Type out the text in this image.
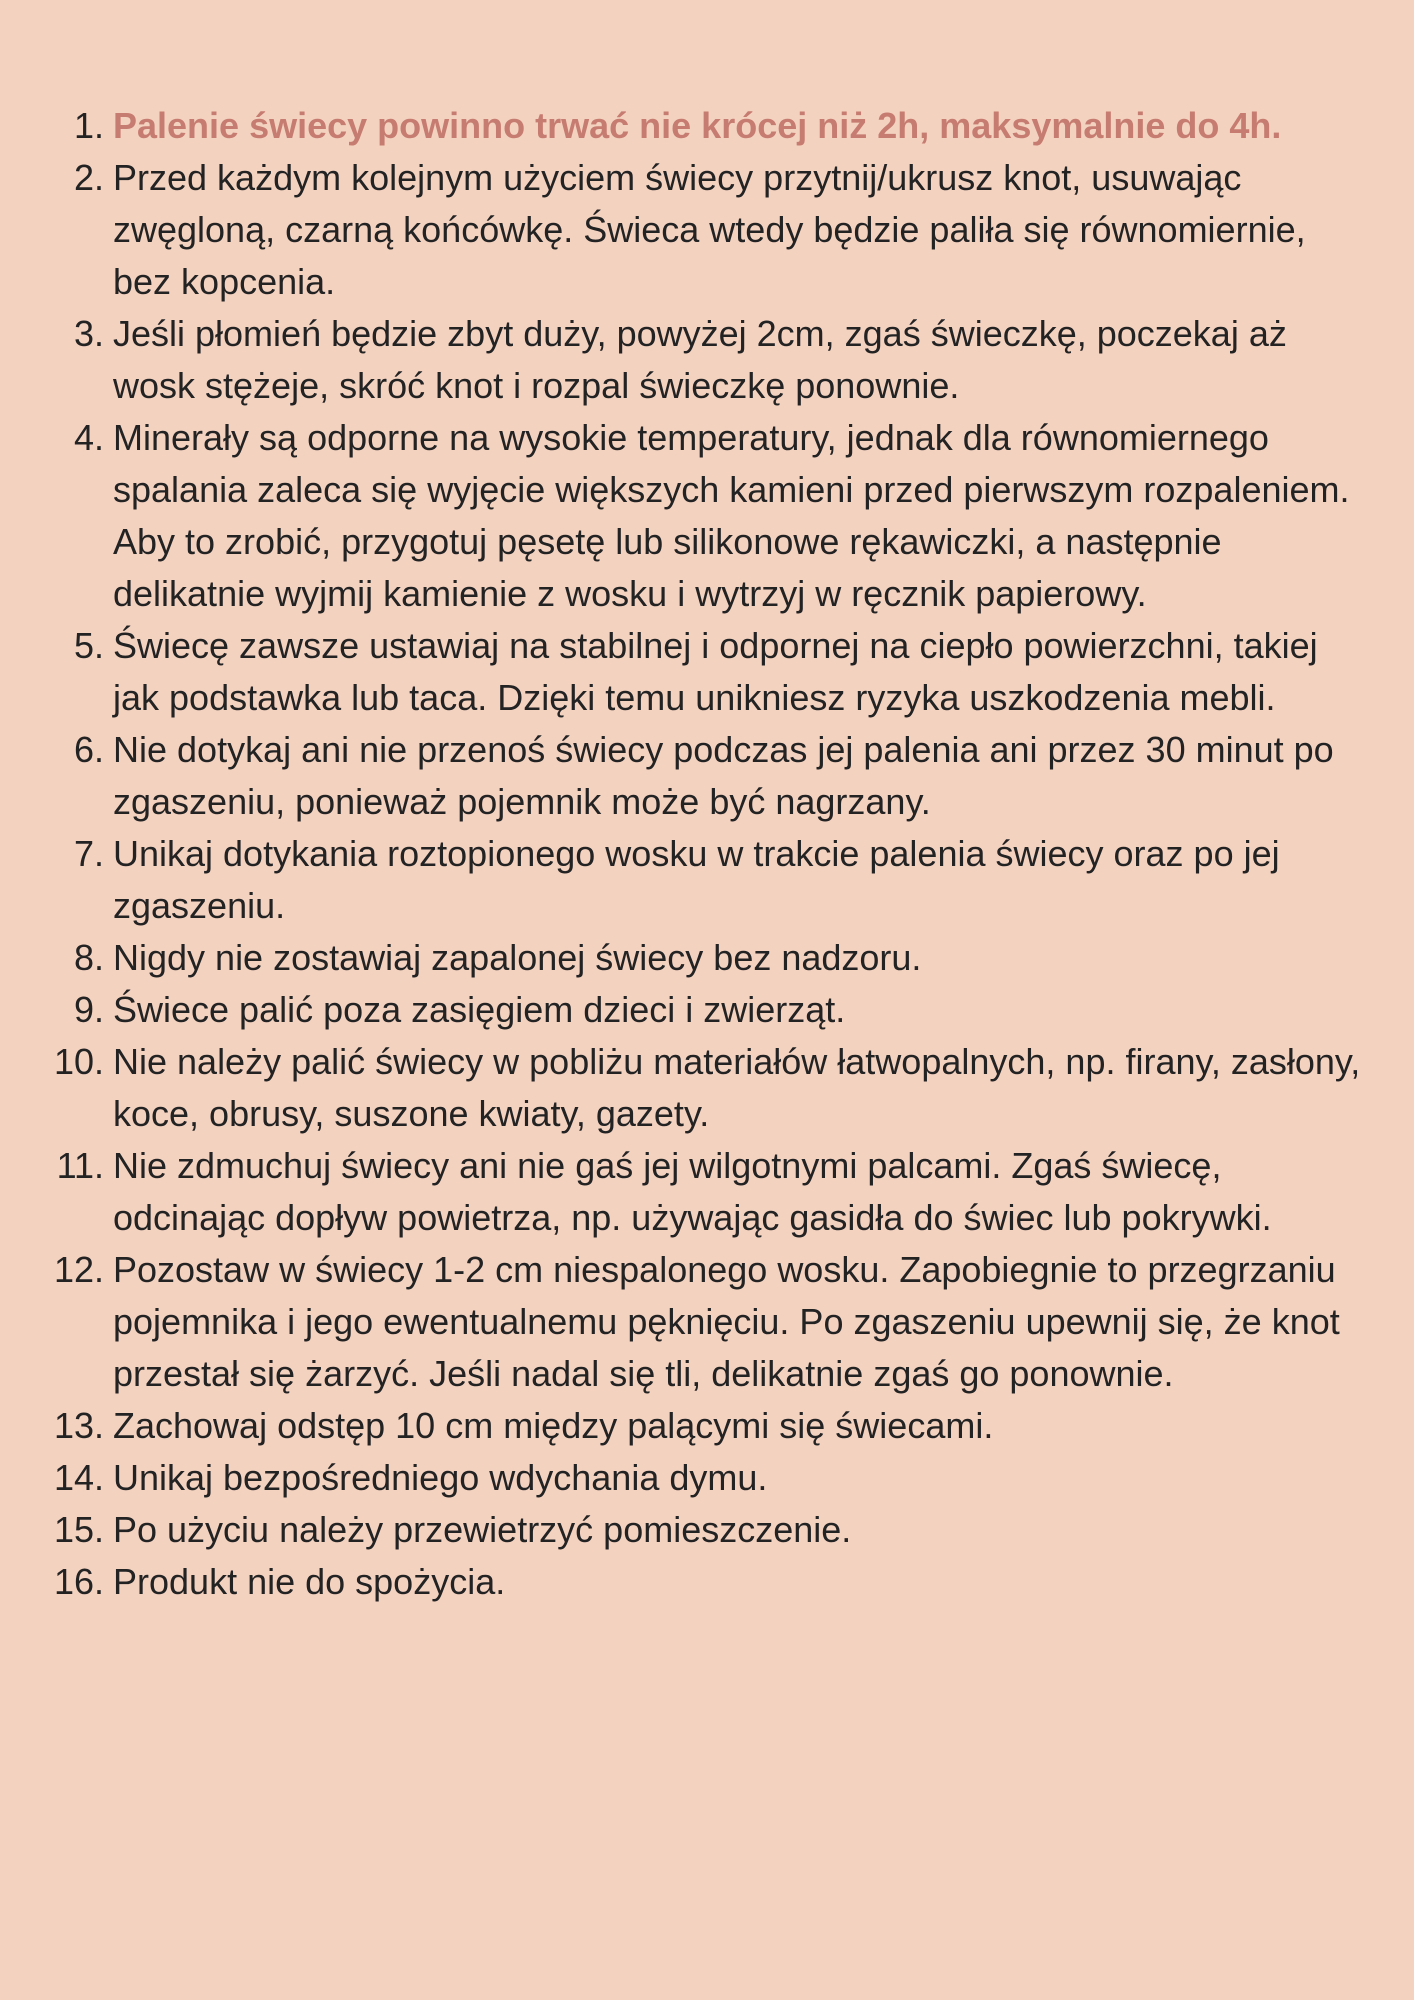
1. Palenie świecy powinno trwać nie krócej niż 2h, maksymalnie do 4h.
2. Przed każdym kolejnym użyciem świecy przytnij/ukrusz knot, usuwając zwęgloną, czarną końcówkę. Świeca wtedy będzie paliła się równomiernie, bez kopcenia.
3. Jeśli płomień będzie zbyt duży, powyżej 2cm, zgaś świeczkę, poczekaj aż wosk stężeje, skróć knot i rozpal świeczkę ponownie.
4. Minerały są odporne na wysokie temperatury, jednak dla równomiernego spalania zaleca się wyjęcie większych kamieni przed pierwszym rozpaleniem. Aby to zrobić, przygotuj pęsetę lub silikonowe rękawiczki, a następnie delikatnie wyjmij kamienie z wosku i wytrzyj w ręcznik papierowy.
5. Świecę zawsze ustawiaj na stabilnej i odpornej na ciepło powierzchni, takiej jak podstawka lub taca. Dzięki temu unikniesz ryzyka uszkodzenia mebli.
6. Nie dotykaj ani nie przenoś świecy podczas jej palenia ani przez 30 minut po zgaszeniu, ponieważ pojemnik może być nagrzany.
7. Unikaj dotykania roztopionego wosku w trakcie palenia świecy oraz po jej zgaszeniu.
8. Nigdy nie zostawiaj zapalonej świecy bez nadzoru.
9. Świece palić poza zasięgiem dzieci i zwierząt.
10. Nie należy palić świecy w pobliżu materiałów łatwopalnych, np. firany, zasłony, koce, obrusy, suszone kwiaty, gazety.
11. Nie zdmuchuj świecy ani nie gaś jej wilgotnymi palcami. Zgaś świecę, odcinając dopływ powietrza, np. używając gasidła do świec lub pokrywki.
12. Pozostaw w świecy 1-2 cm niespalonego wosku. Zapobiegnie to przegrzaniu pojemnika i jego ewentualnemu pęknięciu. Po zgaszeniu upewnij się, że knot przestał się żarzyć. Jeśli nadal się tli, delikatnie zgaś go ponownie.
13. Zachowaj odstęp 10 cm między palącymi się świecami.
14. Unikaj bezpośredniego wdychania dymu.
15. Po użyciu należy przewietrzyć pomieszczenie.
16. Produkt nie do spożycia.
